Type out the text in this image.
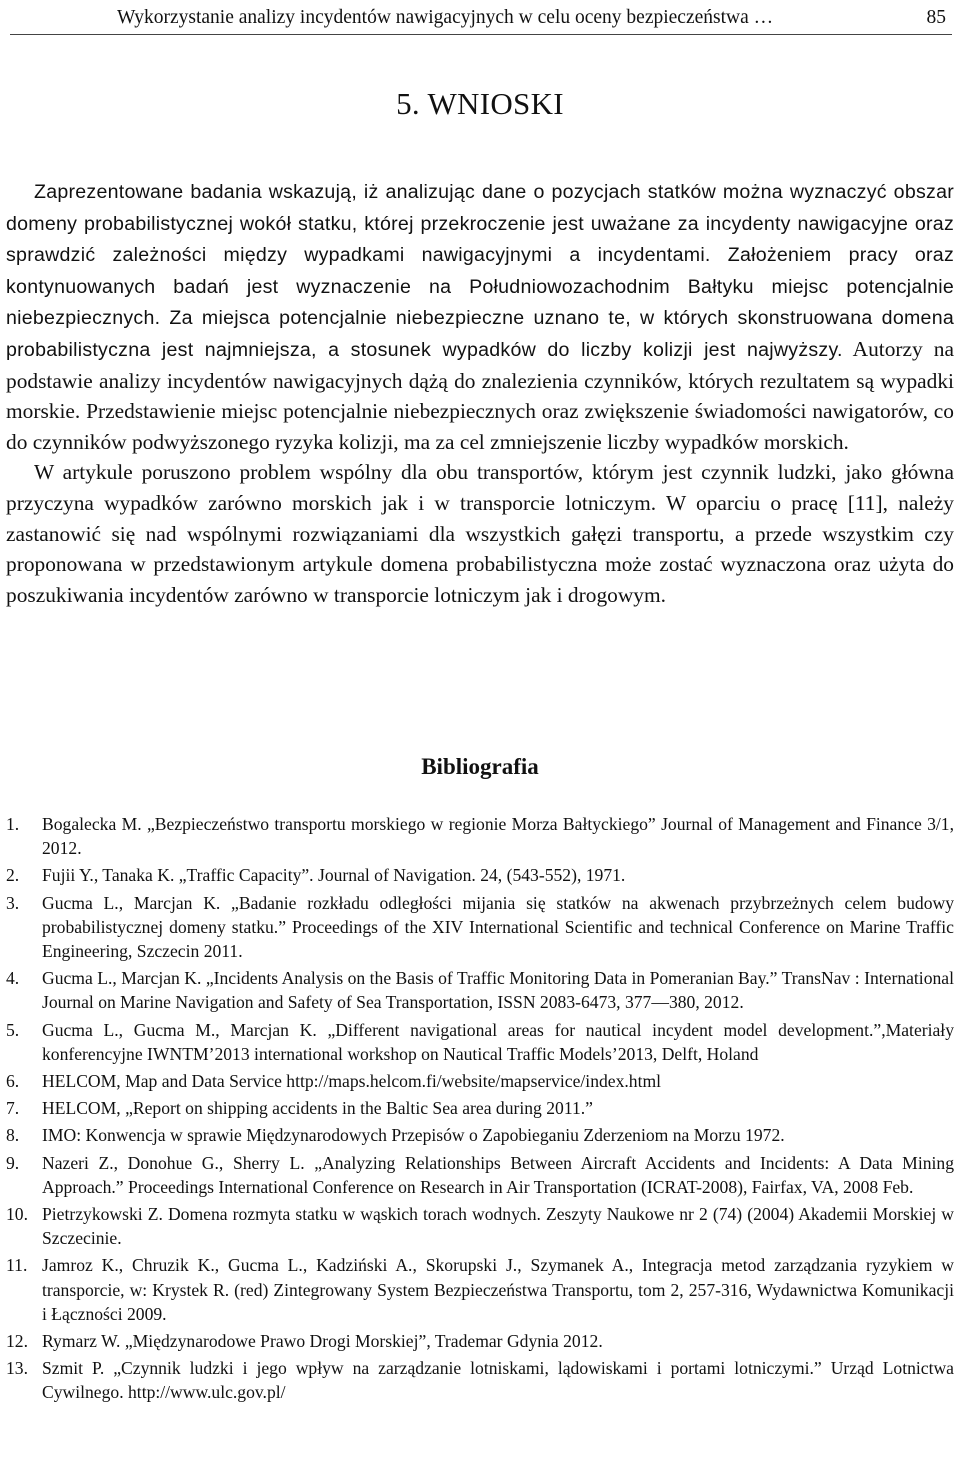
Wykorzystanie analizy incydentów nawigacyjnych w celu oceny bezpieczeństwa …	85
5. WNIOSKI

Zaprezentowane badania wskazują, iż analizując dane o pozycjach statków można wyznaczyć obszar domeny probabilistycznej wokół statku, której przekroczenie jest uważane za incydenty nawigacyjne oraz sprawdzić zależności między wypadkami nawigacyjnymi a incydentami. Założeniem pracy oraz kontynuowanych badań jest wyznaczenie na Południowozachodnim Bałtyku miejsc potencjalnie niebezpiecznych. Za miejsca potencjalnie niebezpieczne uznano te, w których skonstruowana domena probabilistyczna jest najmniejsza, a stosunek wypadków do liczby kolizji jest najwyższy. Autorzy na podstawie analizy incydentów nawigacyjnych dążą do znalezienia czynników, których rezultatem są wypadki morskie. Przedstawienie miejsc potencjalnie niebezpiecznych oraz zwiększenie świadomości nawigatorów, co do czynników podwyższonego ryzyka kolizji, ma za cel zmniejszenie liczby wypadków morskich.

W artykule poruszono problem wspólny dla obu transportów, którym jest czynnik ludzki, jako główna przyczyna wypadków zarówno morskich jak i w transporcie lotniczym. W oparciu o pracę [11], należy zastanowić się nad wspólnymi rozwiązaniami dla wszystkich gałęzi transportu, a przede wszystkim czy proponowana w przedstawionym artykule domena probabilistyczna może zostać wyznaczona oraz użyta do poszukiwania incydentów zarówno w transporcie lotniczym jak i drogowym.

Bibliografia
1. Bogalecka M. „Bezpieczeństwo transportu morskiego w regionie Morza Bałtyckiego” Journal of Management and Finance 3/1, 2012.
2. Fujii Y., Tanaka K. „Traffic Capacity”. Journal of Navigation. 24, (543-552), 1971.
3. Gucma L., Marcjan K. „Badanie rozkładu odległości mijania się statków na akwenach przybrzeżnych celem budowy probabilistycznej domeny statku.” Proceedings of the XIV International Scientific and technical Conference on Marine Traffic Engineering, Szczecin 2011.
4. Gucma L., Marcjan K. „Incidents Analysis on the Basis of Traffic Monitoring Data in Pomeranian Bay.” TransNav : International Journal on Marine Navigation and Safety of Sea Transportation, ISSN 2083-6473, 377—380, 2012.
5. Gucma L., Gucma M., Marcjan K. „Different navigational areas for nautical incydent model development.”,Materiały konferencyjne IWNTM’2013 international workshop on Nautical Traffic Models’2013, Delft, Holand
6. HELCOM, Map and Data Service http://maps.helcom.fi/website/mapservice/index.html
7. HELCOM, „Report on shipping accidents in the Baltic Sea area during 2011.”
8. IMO: Konwencja w sprawie Międzynarodowych Przepisów o Zapobieganiu Zderzeniom na Morzu 1972.
9. Nazeri Z., Donohue G., Sherry L. „Analyzing Relationships Between Aircraft Accidents and Incidents: A Data Mining Approach.” Proceedings International Conference on Research in Air Transportation (ICRAT-2008), Fairfax, VA, 2008 Feb.
10. Pietrzykowski Z. Domena rozmyta statku w wąskich torach wodnych. Zeszyty Naukowe nr 2 (74) (2004) Akademii Morskiej w Szczecinie.
11. Jamroz K., Chruzik K., Gucma L., Kadziński A., Skorupski J., Szymanek A., Integracja metod zarządzania ryzykiem w transporcie, w: Krystek R. (red) Zintegrowany System Bezpieczeństwa Transportu, tom 2, 257-316, Wydawnictwa Komunikacji i Łączności 2009.
12. Rymarz W. „Międzynarodowe Prawo Drogi Morskiej”, Trademar Gdynia 2012.
13. Szmit P. „Czynnik ludzki i jego wpływ na zarządzanie lotniskami, lądowiskami i portami lotniczymi.” Urząd Lotnictwa Cywilnego. http://www.ulc.gov.pl/
